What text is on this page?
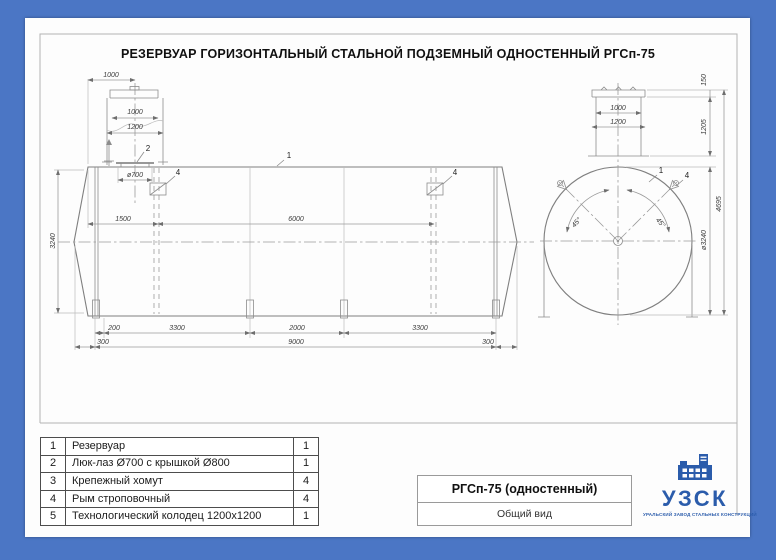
1000
1000
1200
ø700
1500	6000
3240
200	3300	2000	3300
300	9000	300
2
1
4	4
45°	45°
1000
1200
150
1205
ø3240
4695
1
4
РЕЗЕРВУАР ГОРИЗОНТАЛЬНЫЙ СТАЛЬНОЙ ПОДЗЕМНЫЙ ОДНОСТЕННЫЙ РГСп-75
1	Резервуар	1
2	Люк-лаз Ø700 с крышкой Ø800	1
3	Крепежный хомут	4
4	Рым строповочный	4
5	Технологический колодец 1200x1200	1
РГСп-75 (одностенный)
Общий вид
УЗСК
УРАЛЬСКИЙ ЗАВОД СТАЛЬНЫХ КОНСТРУКЦИЙ
